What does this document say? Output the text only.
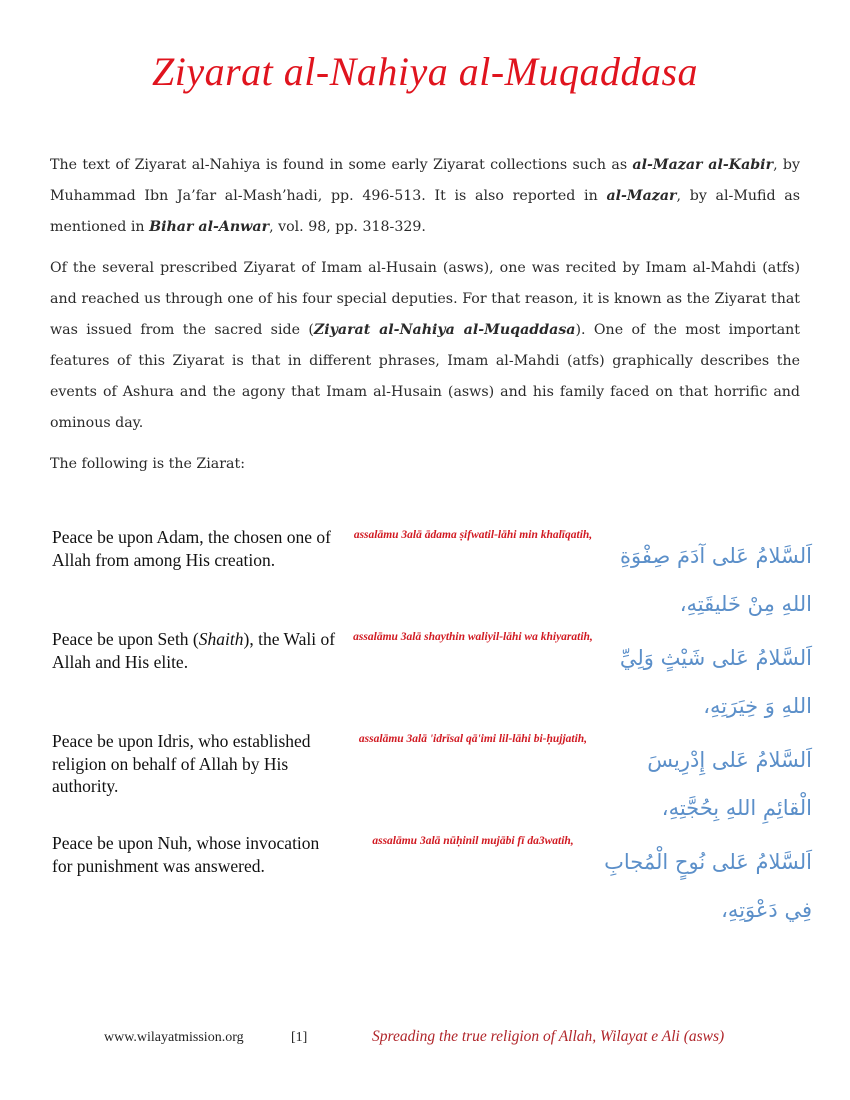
Ziyarat al-Nahiya al-Muqaddasa

The text of Ziyarat al-Nahiya is found in some early Ziyarat collections such as al-Mazar al-Kabir, by Muhammad Ibn Ja’far al-Mash’hadi, pp. 496-513. It is also reported in al-Mazar, by al-Mufid as mentioned in Bihar al-Anwar, vol. 98, pp. 318-329.

Of the several prescribed Ziyarat of Imam al-Husain (asws), one was recited by Imam al-Mahdi (atfs) and reached us through one of his four special deputies. For that reason, it is known as the Ziyarat that was issued from the sacred side (Ziyarat al-Nahiya al-Muqaddasa). One of the most important features of this Ziyarat is that in different phrases, Imam al-Mahdi (atfs) graphically describes the events of Ashura and the agony that Imam al-Husain (asws) and his family faced on that horrific and ominous day.

The following is the Ziarat:

Peace be upon Adam, the chosen one of Allah from among His creation.
assalāmu 3alā ādama ṣifwatil-lāhi min khalīqatih,
اَلسَّلامُ عَلى آدَمَ صِفْوَةِ اللهِ مِنْ خَليقَتِهِ،
Peace be upon Seth (Shaith), the Wali of Allah and His elite.
assalāmu 3alā shaythin waliyil-lāhi wa khiyaratih,
اَلسَّلامُ عَلى شَيْثٍ وَلِيِّ اللهِ وَ خِيَرَتِهِ،
Peace be upon Idris, who established religion on behalf of Allah by His authority.
assalāmu 3alā 'idrīsal qā'imi lil-lāhi bi-ḥujjatih,
اَلسَّلامُ عَلى إِدْرِيسَ الْقائِمِ اللهِ بِحُجَّتِهِ،
Peace be upon Nuh, whose invocation for punishment was answered.
assalāmu 3alā nūḥinil mujābi fī da3watih,
اَلسَّلامُ عَلى نُوحٍ الْمُجابِ فِي دَعْوَتِهِ،
www.wilayatmission.org	[1]	Spreading the true religion of Allah, Wilayat e Ali (asws)
